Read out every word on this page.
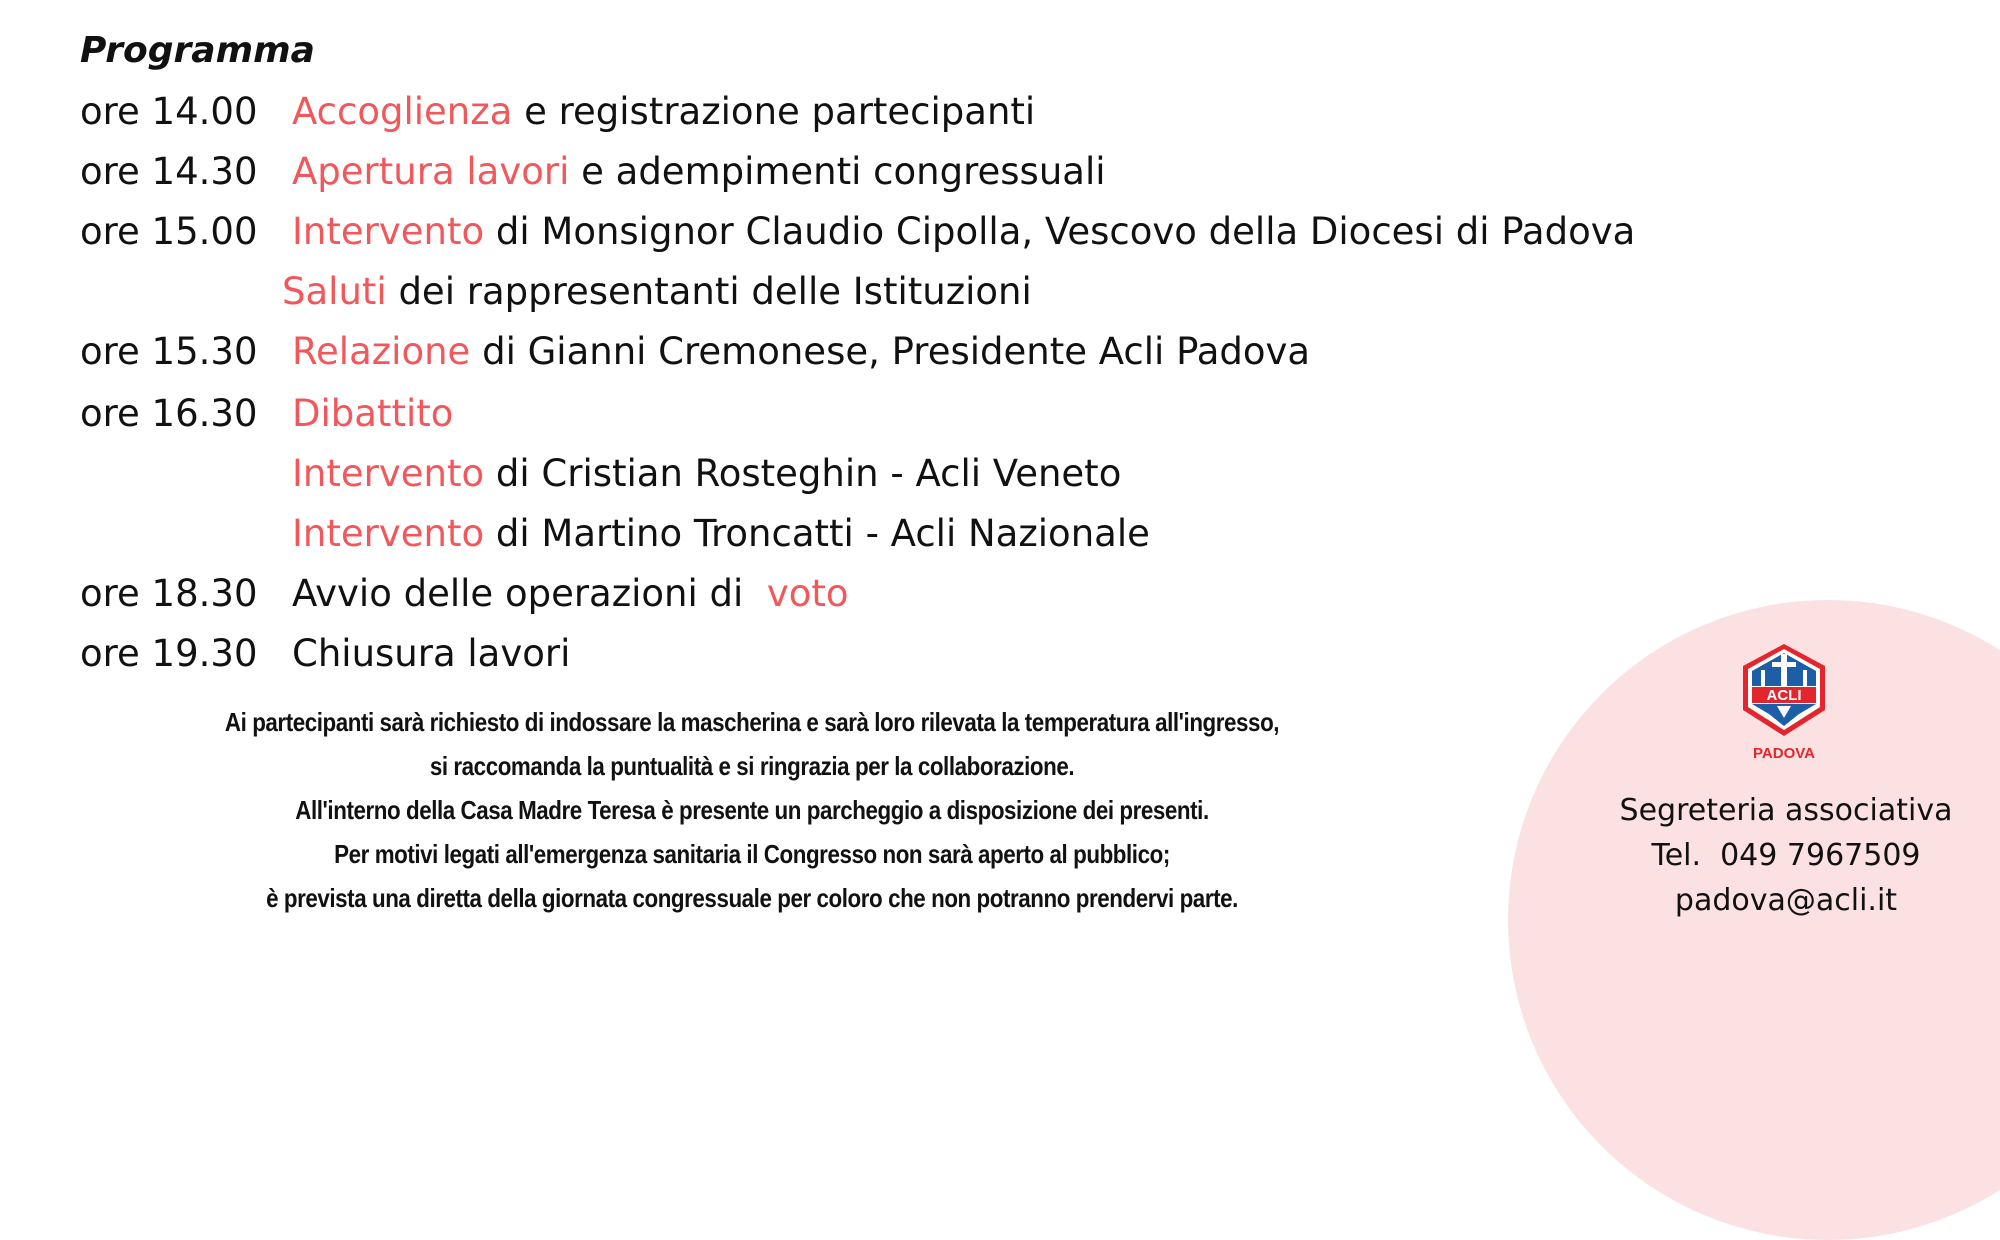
Programma
ore 14.00 Accoglienza e registrazione partecipanti
ore 14.30 Apertura lavori e adempimenti congressuali
ore 15.00 Intervento di Monsignor Claudio Cipolla, Vescovo della Diocesi di Padova
Saluti dei rappresentanti delle Istituzioni
ore 15.30 Relazione di Gianni Cremonese, Presidente Acli Padova
ore 16.30 Dibattito
Intervento di Cristian Rosteghin - Acli Veneto
Intervento di Martino Troncatti - Acli Nazionale
ore 18.30 Avvio delle operazioni di  voto
ore 19.30 Chiusura lavori
Ai partecipanti sarà richiesto di indossare la mascherina e sarà loro rilevata la temperatura all'ingresso,
si raccomanda la puntualità e si ringrazia per la collaborazione.
All'interno della Casa Madre Teresa è presente un parcheggio a disposizione dei presenti.
Per motivi legati all'emergenza sanitaria il Congresso non sarà aperto al pubblico;
è prevista una diretta della giornata congressuale per coloro che non potranno prendervi parte.
ACLI
PADOVA
Segreteria associativa
Tel.  049 7967509
padova@acli.it
